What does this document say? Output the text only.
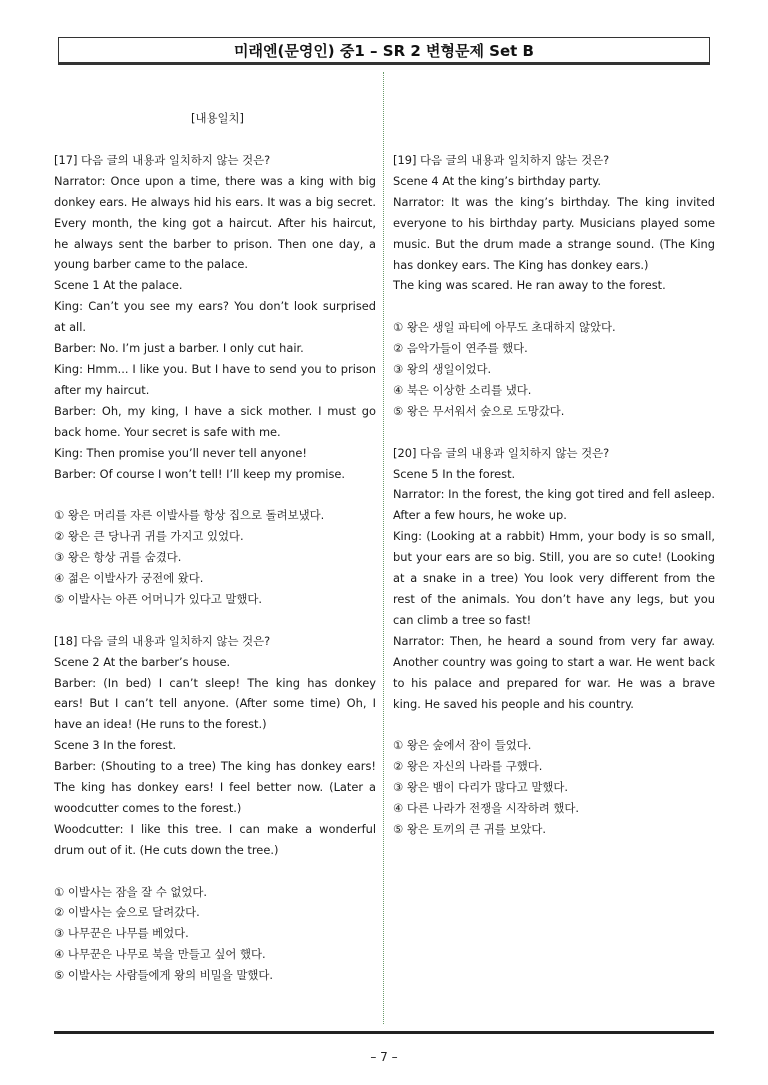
미래엔(문영인) 중1 – SR 2 변형문제 Set B

[내용일치]

[17] 다음 글의 내용과 일치하지 않는 것은?

Narrator: Once upon a time, there was a king with big donkey ears. He always hid his ears. It was a big secret. Every month, the king got a haircut. After his haircut, he always sent the barber to prison. Then one day, a young barber came to the palace.

Scene 1 At the palace.

King: Can’t you see my ears? You don’t look surprised at all.

Barber: No. I’m just a barber. I only cut hair.

King: Hmm... I like you. But I have to send you to prison after my haircut.

Barber: Oh, my king, I have a sick mother. I must go back home. Your secret is safe with me.

King: Then promise you’ll never tell anyone!

Barber: Of course I won’t tell! I’ll keep my promise.

① 왕은 머리를 자른 이발사를 항상 집으로 돌려보냈다.

② 왕은 큰 당나귀 귀를 가지고 있었다.

③ 왕은 항상 귀를 숨겼다.

④ 젊은 이발사가 궁전에 왔다.

⑤ 이발사는 아픈 어머니가 있다고 말했다.

[18] 다음 글의 내용과 일치하지 않는 것은?

Scene 2 At the barber’s house.

Barber: (In bed) I can’t sleep! The king has donkey ears! But I can’t tell anyone. (After some time) Oh, I have an idea! (He runs to the forest.)

Scene 3 In the forest.

Barber: (Shouting to a tree) The king has donkey ears! The king has donkey ears! I feel better now. (Later a woodcutter comes to the forest.)

Woodcutter: I like this tree. I can make a wonderful drum out of it. (He cuts down the tree.)

① 이발사는 잠을 잘 수 없었다.

② 이발사는 숲으로 달려갔다.

③ 나무꾼은 나무를 베었다.

④ 나무꾼은 나무로 북을 만들고 싶어 했다.

⑤ 이발사는 사람들에게 왕의 비밀을 말했다.

[19] 다음 글의 내용과 일치하지 않는 것은?

Scene 4 At the king’s birthday party.

Narrator: It was the king’s birthday. The king invited everyone to his birthday party. Musicians played some music. But the drum made a strange sound. (The King has donkey ears. The King has donkey ears.)

The king was scared. He ran away to the forest.

① 왕은 생일 파티에 아무도 초대하지 않았다.

② 음악가들이 연주를 했다.

③ 왕의 생일이었다.

④ 북은 이상한 소리를 냈다.

⑤ 왕은 무서워서 숲으로 도망갔다.

[20] 다음 글의 내용과 일치하지 않는 것은?

Scene 5 In the forest.

Narrator: In the forest, the king got tired and fell asleep. After a few hours, he woke up.

King: (Looking at a rabbit) Hmm, your body is so small, but your ears are so big. Still, you are so cute! (Looking at a snake in a tree) You look very different from the rest of the animals. You don’t have any legs, but you can climb a tree so fast!

Narrator: Then, he heard a sound from very far away. Another country was going to start a war. He went back to his palace and prepared for war. He was a brave king. He saved his people and his country.

① 왕은 숲에서 잠이 들었다.

② 왕은 자신의 나라를 구했다.

③ 왕은 뱀이 다리가 많다고 말했다.

④ 다른 나라가 전쟁을 시작하려 했다.

⑤ 왕은 토끼의 큰 귀를 보았다.

– 7 –
